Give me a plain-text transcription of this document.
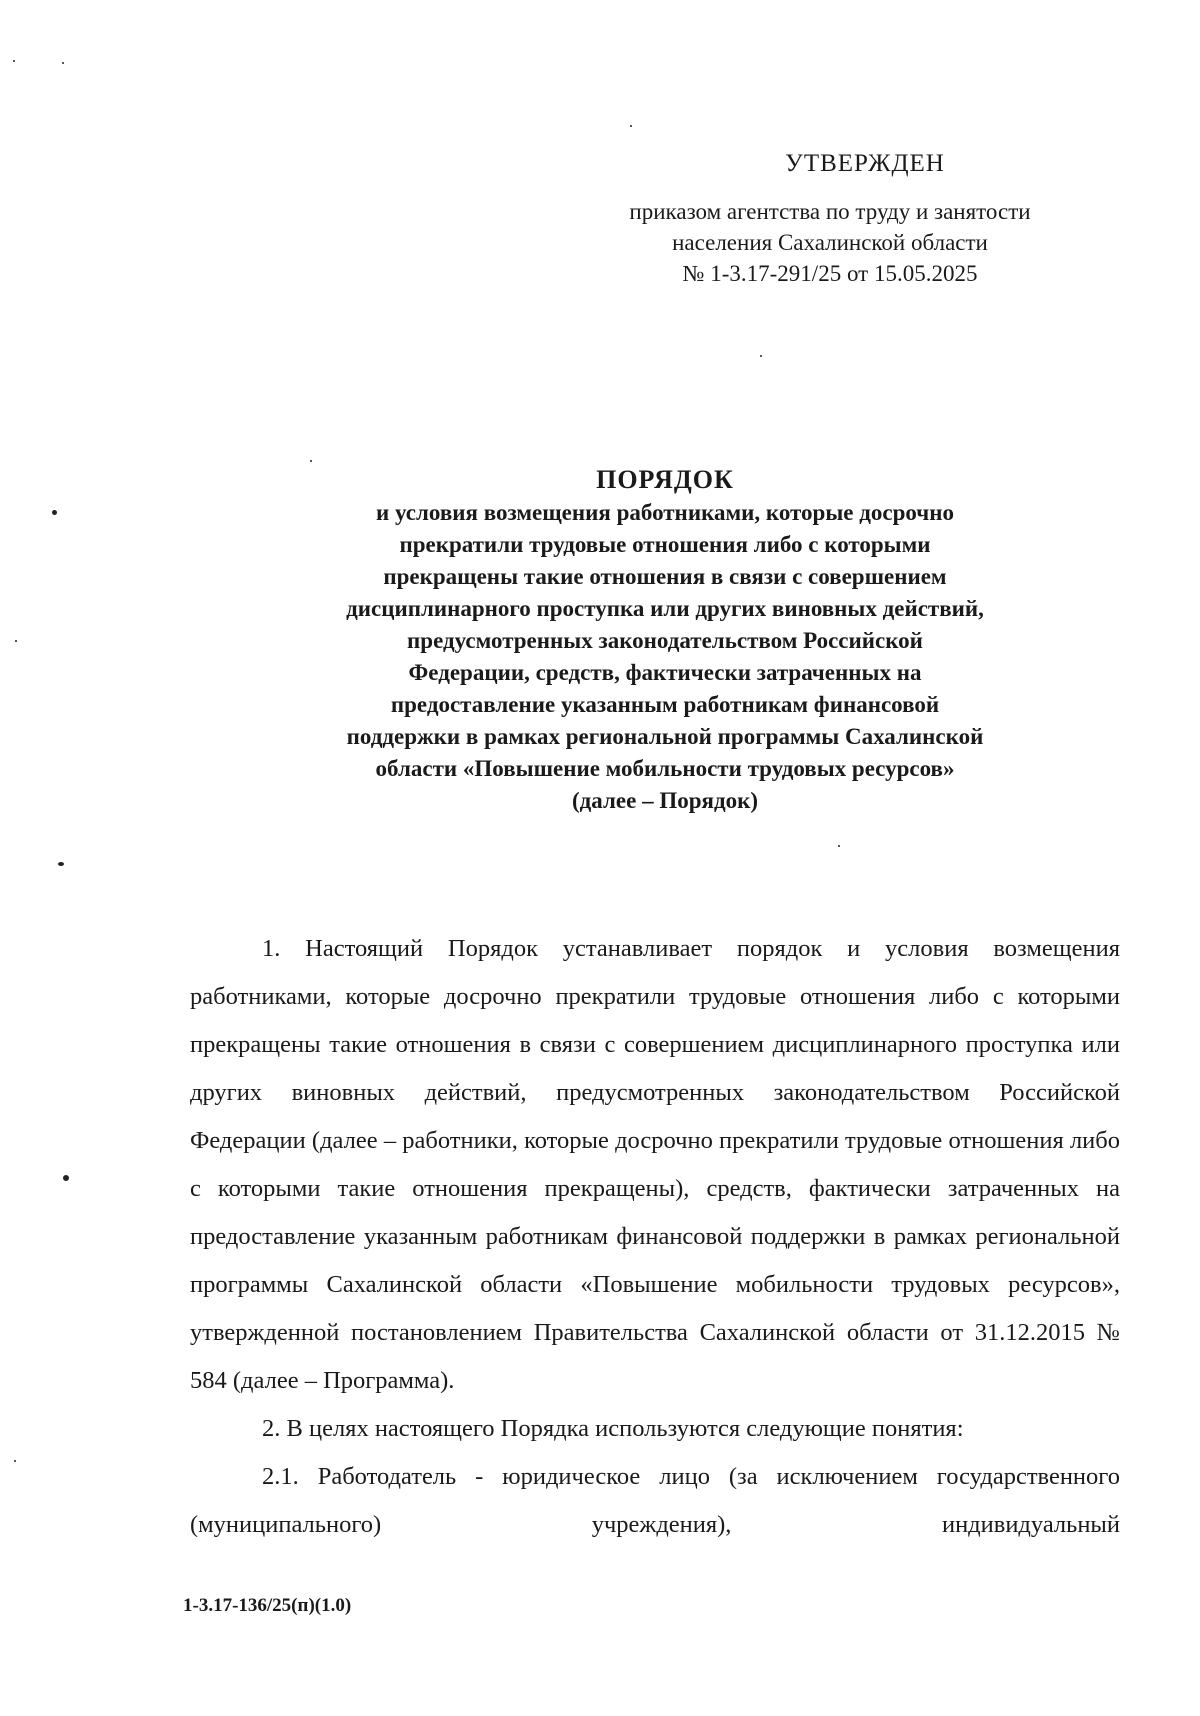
УТВЕРЖДЕН
приказом агентства по труду и занятости
населения Сахалинской области
№ 1-3.17-291/25 от 15.05.2025
ПОРЯДОК
и условия возмещения работниками, которые досрочно
прекратили трудовые отношения либо с которыми
прекращены такие отношения в связи с совершением
дисциплинарного проступка или других виновных действий,
предусмотренных законодательством Российской
Федерации, средств, фактически затраченных на
предоставление указанным работникам финансовой
поддержки в рамках региональной программы Сахалинской
области «Повышение мобильности трудовых ресурсов»
(далее – Порядок)

1. Настоящий Порядок устанавливает порядок и условия возмещения работниками, которые досрочно прекратили трудовые отношения либо с которыми прекращены такие отношения в связи с совершением дисциплинарного проступка или других виновных действий, предусмотренных законодательством Российской Федерации (далее – работники, которые досрочно прекратили трудовые отношения либо с которыми такие отношения прекращены), средств, фактически затраченных на предоставление указанным работникам финансовой поддержки в рамках региональной программы Сахалинской области «Повышение мобильности трудовых ресурсов», утвержденной постановлением Правительства Сахалинской области от 31.12.2015 № 584 (далее – Программа).

2. В целях настоящего Порядка используются следующие понятия:

2.1. Работодатель - юридическое лицо (за исключением государственного (муниципального) учреждения), индивидуальный

1-3.17-136/25(п)(1.0)
